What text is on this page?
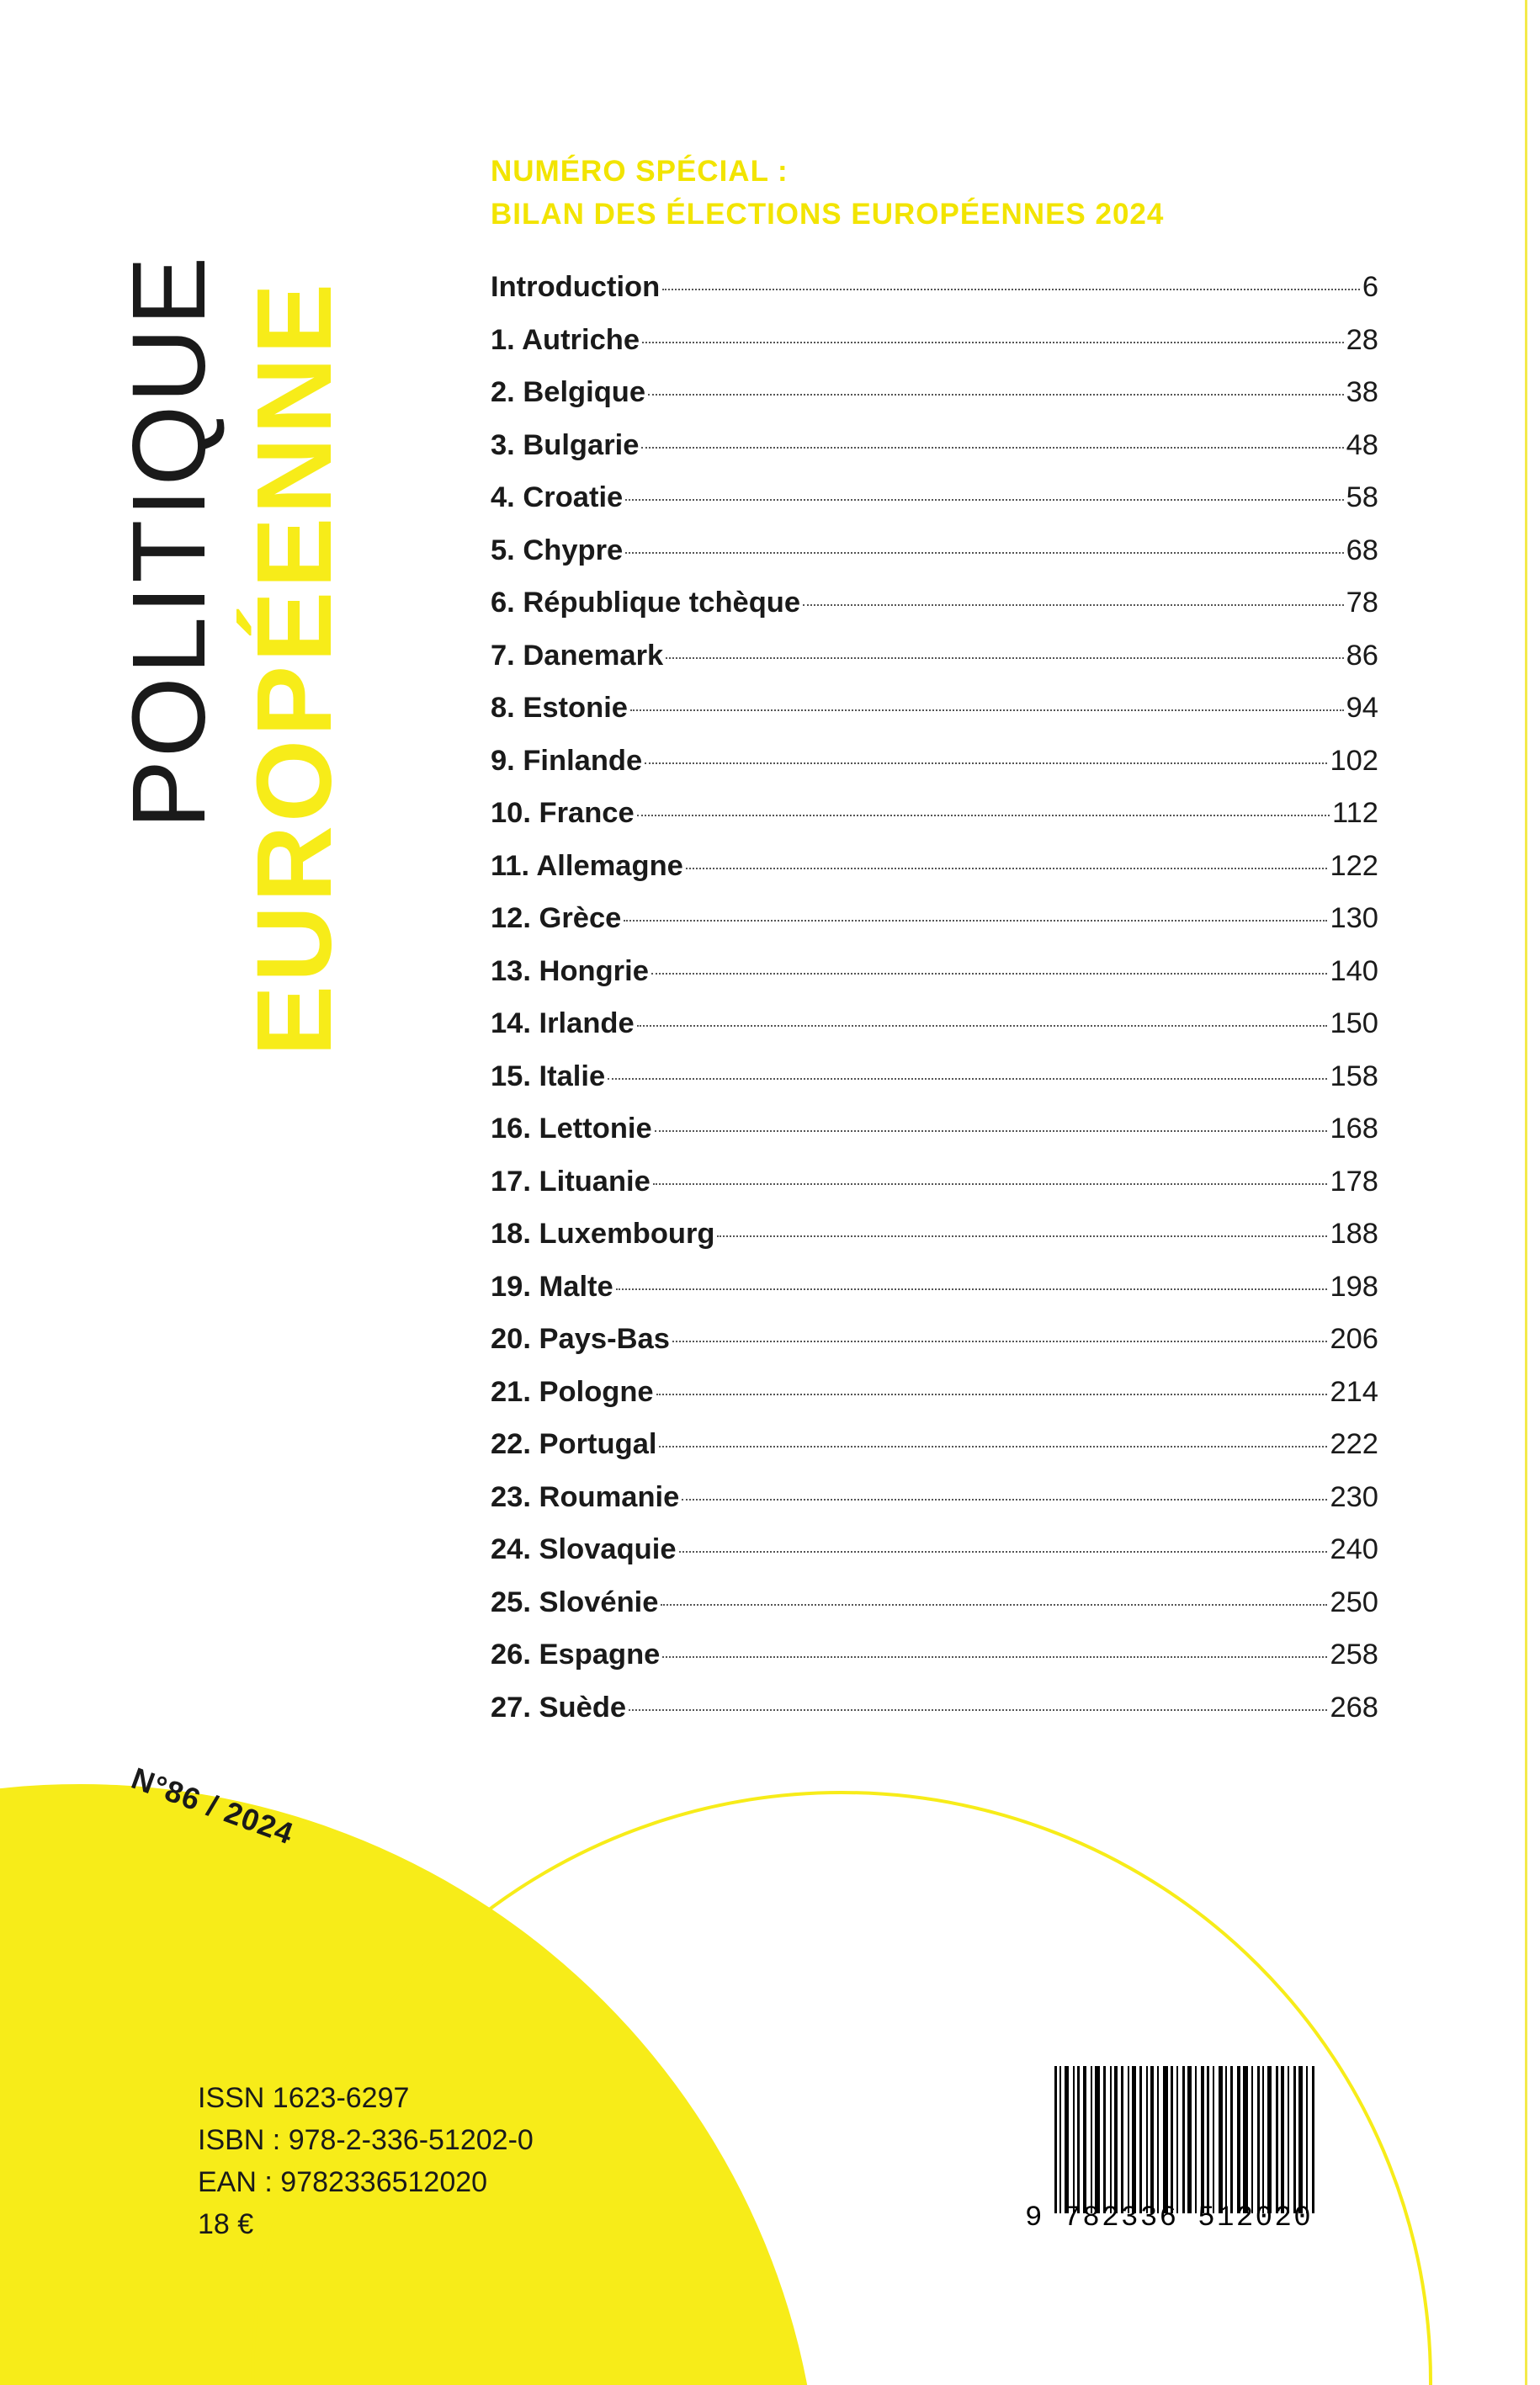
POLITIQUE EUROPÉENNE
NUMÉRO SPÉCIAL :
BILAN DES ÉLECTIONS EUROPÉENNES 2024
Introduction	6
1. Autriche	28
2. Belgique	38
3. Bulgarie	48
4. Croatie	58
5. Chypre	68
6. République tchèque	78
7. Danemark	86
8. Estonie	94
9. Finlande	102
10. France	112
11. Allemagne	122
12. Grèce	130
13. Hongrie	140
14. Irlande	150
15. Italie	158
16. Lettonie	168
17. Lituanie	178
18. Luxembourg	188
19. Malte	198
20. Pays-Bas	206
21. Pologne	214
22. Portugal	222
23. Roumanie	230
24. Slovaquie	240
25. Slovénie	250
26. Espagne	258
27. Suède	268
N°86 / 2024
ISSN 1623-6297
ISBN : 978-2-336-51202-0
EAN : 9782336512020
18 €	9 782336 512020
